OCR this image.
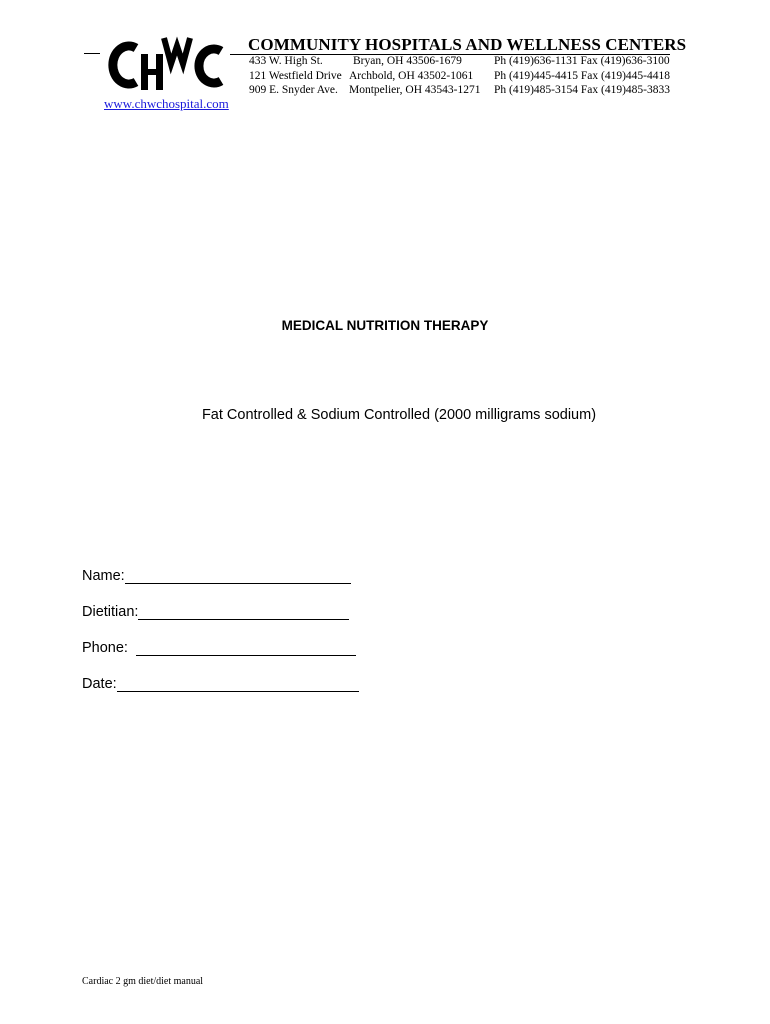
COMMUNITY HOSPITALS AND WELLNESS CENTERS
433 W. High St.
121 Westfield Drive
909 E. Snyder Ave.
Bryan, OH 43506-1679
Archbold, OH 43502-1061
Montpelier, OH 43543-1271
Ph (419)636-1131 Fax (419)636-3100
Ph (419)445-4415 Fax (419)445-4418
Ph (419)485-3154 Fax (419)485-3833
www.chwchospital.com
MEDICAL NUTRITION THERAPY
Fat Controlled & Sodium Controlled (2000 milligrams sodium)
Name:
Dietitian:
Phone:
Date:
Cardiac 2 gm diet/diet manual
